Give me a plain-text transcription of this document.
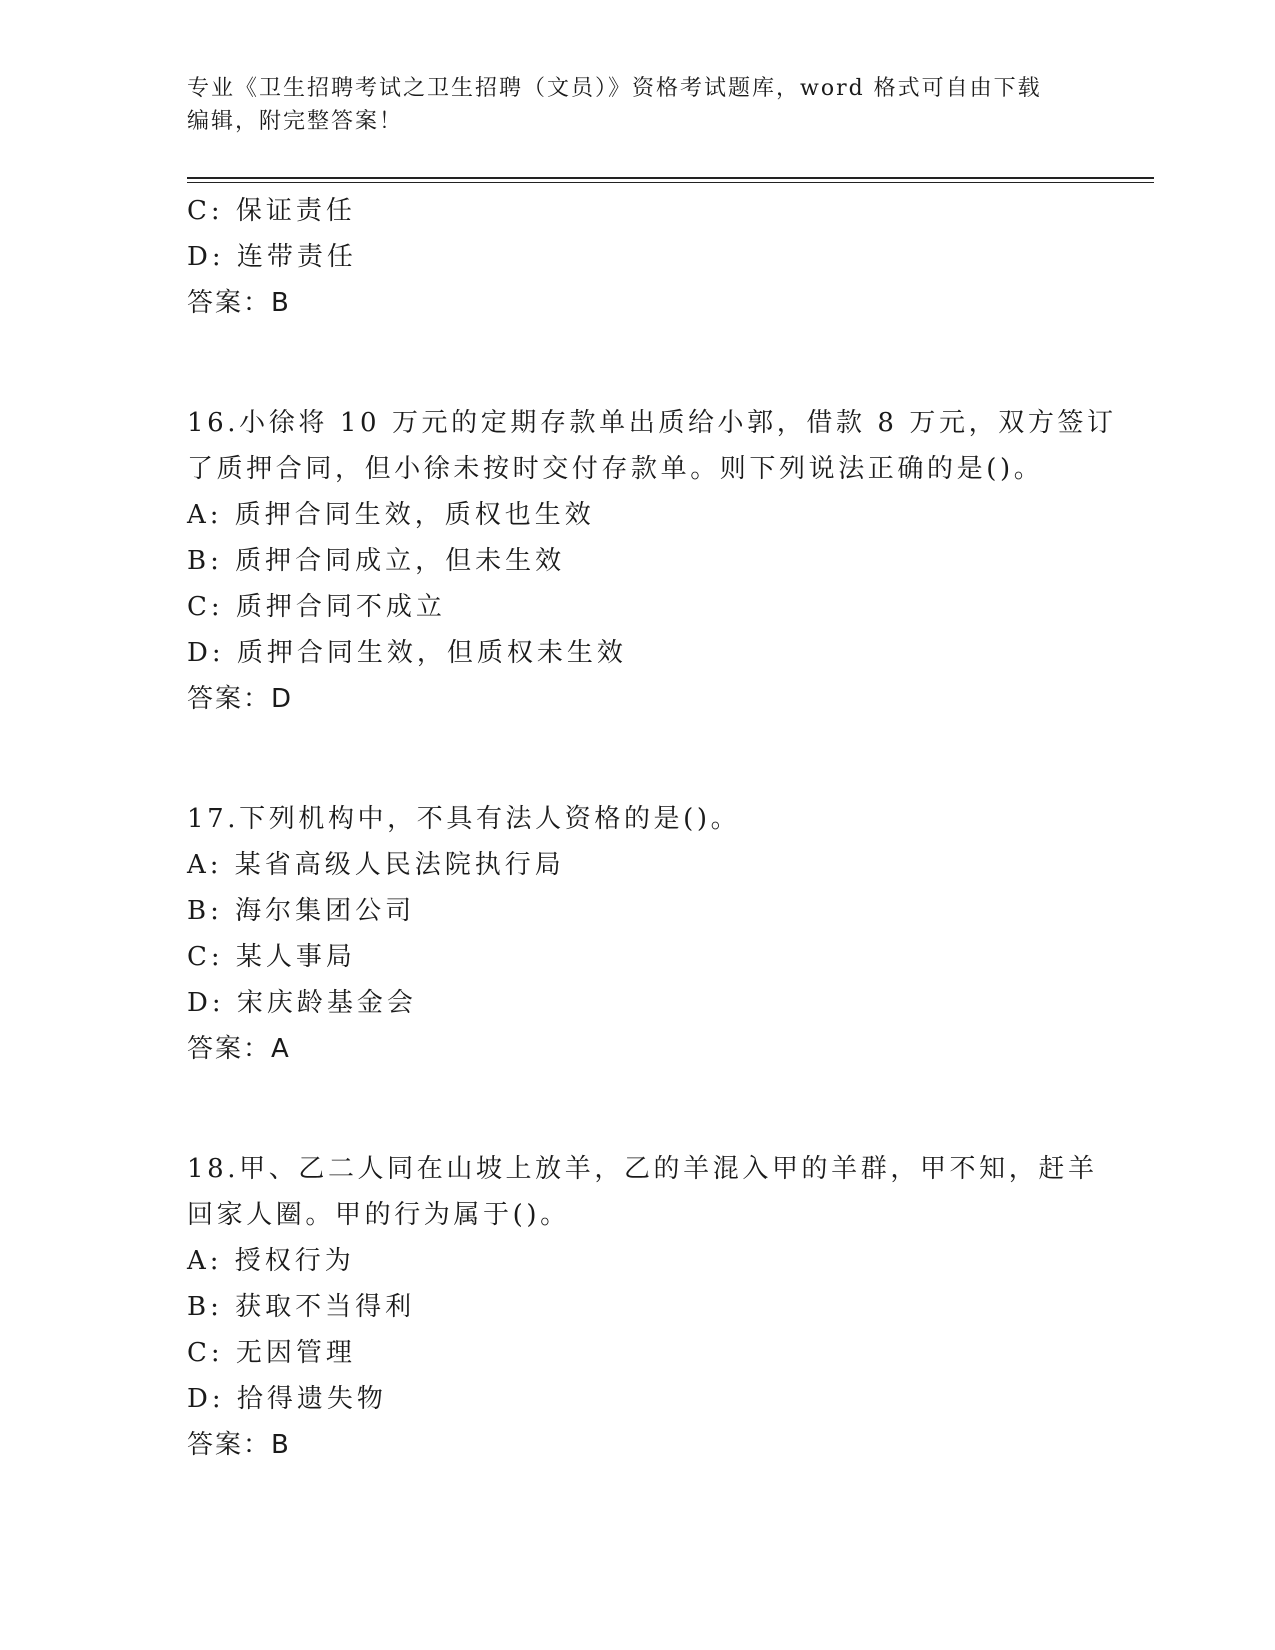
专业《卫生招聘考试之卫生招聘（文员）》资格考试题库，word 格式可自由下载
编辑，附完整答案！
C: 保证责任
D: 连带责任
答案：B
16.小徐将 10 万元的定期存款单出质给小郭，借款 8 万元，双方签订
了质押合同，但小徐未按时交付存款单。则下列说法正确的是()。
A: 质押合同生效，质权也生效
B: 质押合同成立，但未生效
C: 质押合同不成立
D: 质押合同生效，但质权未生效
答案：D
17.下列机构中，不具有法人资格的是()。
A: 某省高级人民法院执行局
B: 海尔集团公司
C: 某人事局
D: 宋庆龄基金会
答案：A
18.甲、乙二人同在山坡上放羊，乙的羊混入甲的羊群，甲不知，赶羊
回家人圈。甲的行为属于()。
A: 授权行为
B: 获取不当得利
C: 无因管理
D: 拾得遗失物
答案：B
